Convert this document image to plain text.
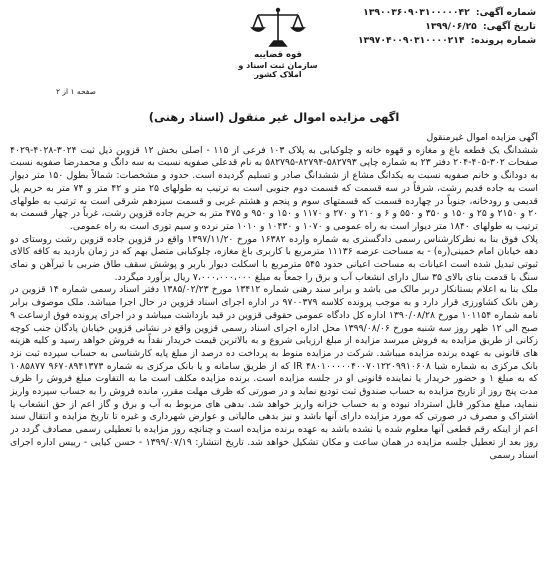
شماره آگهی: ۱۳۹۰۰۳۶۰۹۰۳۱۰۰۰۰۰۴۲
تاریخ آگهی: ۱۳۹۹/۰۶/۲۵
شماره پرونده: ۱۳۹۷۰۴۰۰۹۰۳۱۰۰۰۰۲۱۴
قوه قضاییه
سازمان ثبت اسناد و املاک کشور
صفحه ۱ از ۲
اگهی مزایده اموال غیر منقول (اسناد رهنی)

آگهی مزایده اموال غیرمنقول

ششدانگ یک قطعه باغ و مغازه و قهوه خانه و چلوکبابی به پلاک ۱۰۳ فرعی از ۱۱۵ - اصلی بخش ۱۲ قزوین ذیل ثبت ۳۰۲۴-۴۰۲۸-۴۰۲۹ صفحات ۳۰۲-۴۰۵-۲۰۴ دفتر ۲۳ به شماره چاپی ۵۸۲۷۹۳-۸۲۷۹۴-۵۸۲۷۹۵ به نام قدعلی صفویه نسبت به سه دانگ و محمدرضا صفویه نسبت به دودانگ و خانم صفویه نسبت به یکدانگ مشاع از ششدانگ صادر و تسلیم گردیده است. حدود و مشخصات: شمالاً بطول ۱۵۰ متر دیوار است به جاده قدیم رشت، شرقاً در سه قسمت که قسمت دوم جنوبی است به ترتیب به طولهای ۲۵ متر و ۴۲ متر و ۷۴ متر به حریم پل قدیمی و رودخانه، جنوباً در چهارده قسمت که قسمتهای سوم و پنجم و هشتم غربی و قسمت سیزدهم شرقی است به ترتیب به طولهای ۲۰ و ۲۱۵۰ و ۲۵ و ۱۵۰ و ۳۵۰ و ۵۵۰ و ۶ و ۲۱۰ و ۲۷۰ و ۱۱۷۰ و ۱۵۰ و ۹۵۰ و ۴۷۵ متر به حریم جاده قزوین رشت، غرباً در چهار قسمت به ترتیب به طولهای ۱۸۴۰ متر دیوار است به راه عمومی و ۱۰۷۰ و ۱۰۴۳۰ و ۱۰۱۰ متر نرده و سیم توری است به راه عمومی.

پلاک فوق بنا به نظرکارشناس رسمی دادگستری به شماره وارده ۱۶۳۸۲ مورخ ۱۳۹۷/۱۱/۲۰ واقع در قزوین جاده قزوین رشت روستای دو دهه خیابان امام خمینی(ره) - به مساحت عرصه ۱۱۱۳۶ مترمربع با کاربری باغ مغازه، چلوکبابی متصل بهم که در زمان بازدید به کافه کالای ثبوتی تبدیل شده است اعیانات به مساحت اعیانی حدود ۵۴۵ مترمربع با اسکلت دیوار باربر و پوشش سقف طاق ضربی با تیرآهن و نمای سنگ با قدمت بنای بالای ۳۵ سال دارای انشعاب آب و برق را جمعاً به مبلغ ۷،۰۰۰،۰۰۰،۰۰۰ ریال برآورد میگردد.

ملک بنا به اعلام بستانکار دربر مالک می باشد و برابر سند رهنی شماره ۱۳۴۱۲ مورخ ۱۳۸۵/۰۲/۲۳ دفتر اسناد رسمی شماره ۱۴ قزوین در رهن بانک کشاورزی قرار دارد و به موجب پرونده کلاسه ۹۷۰۰۳۷۹ در اداره اجرای اسناد قزوین در حال اجرا میباشد. ملک موصوف برابر نامه شماره ۱۰۱۱۵۴ مورخ ۱۳۹۰/۰۸/۲۸ اداره کل دادگاه عمومی حقوقی قزوین در قید بازداشت میباشد و در اجرای پرونده فوق ازساعت ۹ صبح الی ۱۲ ظهر روز سه شنبه مورخ ۱۳۹۹/۰۸/۰۶ محل اداره اجرای اسناد رسمی قزوین واقع در نشانی قزوین خیابان پادگان جنب کوچه زکانی از طریق مزایده به فروش میرسد مزایده از مبلغ ارزیابی شروع و به بالاترین قیمت خریدار نقداً به فروش خواهد رسید و کلیه هزینه های قانونی به عهده برنده مزایده میباشد. شرکت در مزایده منوط به پرداخت ده درصد از مبلغ پایه کارشناسی به حساب سپرده ثبت نزد بانک مرکزی به شماره شبا IR ۴۸۰۱۰۰۰۰۰۴۰۰۷۰۱۲۲۰۹۹۱۰۶۰۸ که از طریق سامانه و یا بانک مرکزی به شماره ۹۶۷۰۸۹۴۱۳۷۳ ۱۰۸۵۸۷۷ که به مبلغ ۱ و حضور خریدار یا نماینده قانونی او در جلسه مزایده است. برنده مزایده مکلف است ما به التفاوت مبلغ فروش را ظرف مدت پنج روز از تاریخ مزایده به حساب صندوق ثبت تودیع نماید و در صورتی که ظرف مهلت مقرر، مانده فروش را به حساب سپرده واریز ننماید، مبلغ مذکور قابل استرداد نبوده و به حساب خزانه واریز خواهد شد. بدهی های مربوط به آب و برق و گاز اعم از حق انشعاب یا اشتراک و مصرف در صورتی که مورد مزایده دارای آنها باشد و نیز بدهی مالیاتی و عوارض شهرداری و غیره تا تاریخ مزایده و انتقال سند اعم از اینکه رقم قطعی آنها معلوم شده یا نشده باشد به عهده برنده مزایده است و چنانچه روز مزایده با تعطیلی رسمی مصادف گردد در روز بعد از تعطیل جلسه مزایده در همان ساعت و مکان تشکیل خواهد شد. تاریخ انتشار: ۱۳۹۹/۰۷/۱۹ - حسن کیایی - رییس اداره اجرای اسناد رسمی
